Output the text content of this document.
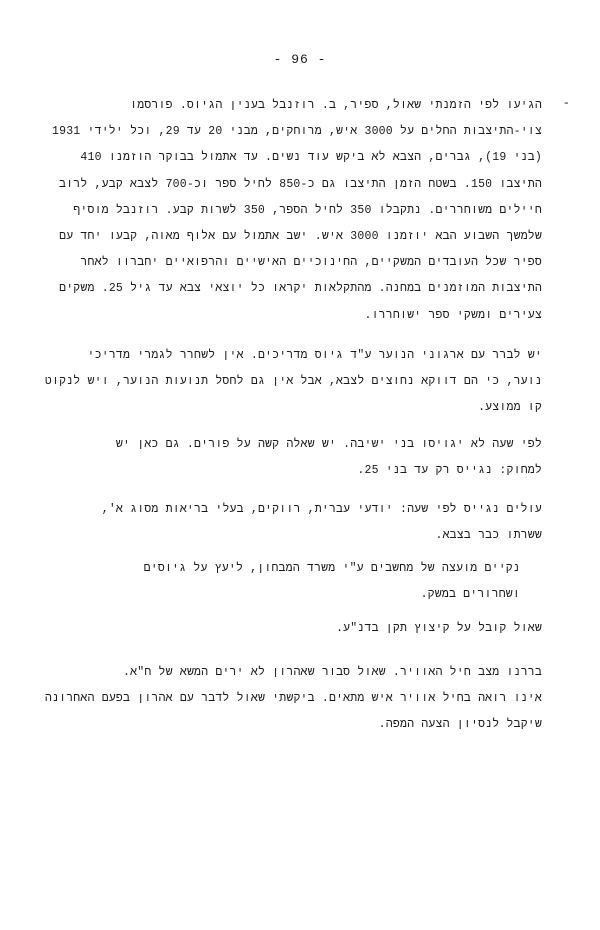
- 96 -
-
הגיעו לפי הזמנתי שאול, ספיר, ב. רוזנבל בענין הגיוס. פורסמו
צוי-התיצבות החלים על 3000 איש, מרוחקים, מבני 20 עד 29, וכל ילידי 1931
(בני 19), גברים, הצבא לא ביקש עוד נשים. עד אתמול בבוקר הוזמנו 410
התיצבו 150. בשטח הזמן התיצבו גם כ-850 לחיל ספר וכ-700 לצבא קבע, לרוב
חיילים משוחררים. נתקבלו 350 לחיל הספר, 350 לשרות קבע. רוזנבל מוסיף
שלמשך השבוע הבא יוזמנו 3000 איש. ישב אתמול עם אלוף מאוה, קבעו יחד עם
ספיר שכל העובדים המשקיים, החינוכיים האישיים והרפואיים יחברוו לאחר
התיצבות המוזמנים במחנה. מהתקלאות יקראו כל יוצאי צבא עד גיל 25. משקים
צעירים ומשקי ספר ישוחררו.
יש לברר עם ארגוני הנוער ע"ד גיוס מדריכים. אין לשחרר לגמרי מדריכי
נוער, כי הם דווקא נחוצים לצבא, אבל אין גם לחסל תנועות הנוער, ויש לנקוט
קו ממוצע.
לפי שעה לא יגויסו בני ישיבה. יש שאלה קשה על פורים. גם כאן יש
למחוק: נגייס רק עד בני 25.
עולים נגייס לפי שעה: יודעי עברית, רווקים, בעלי בריאות מסוג א',
ששרתו כבר בצבא.
נקיים מועצה של מחשבים ע"י משרד המבחון, ליעץ על גיוסים
ושחרורים במשק.
שאול קובל על קיצוץ תקן בדנ"ע.
בררנו מצב חיל האוויר. שאול סבור שאהרון לא ירים המשא של ח"א.
אינו רואה בחיל אוויר איש מתאים. ביקשתי שאול לדבר עם אהרון בפעם האחרונה
שיקבל לנסיון הצעה המפה.
